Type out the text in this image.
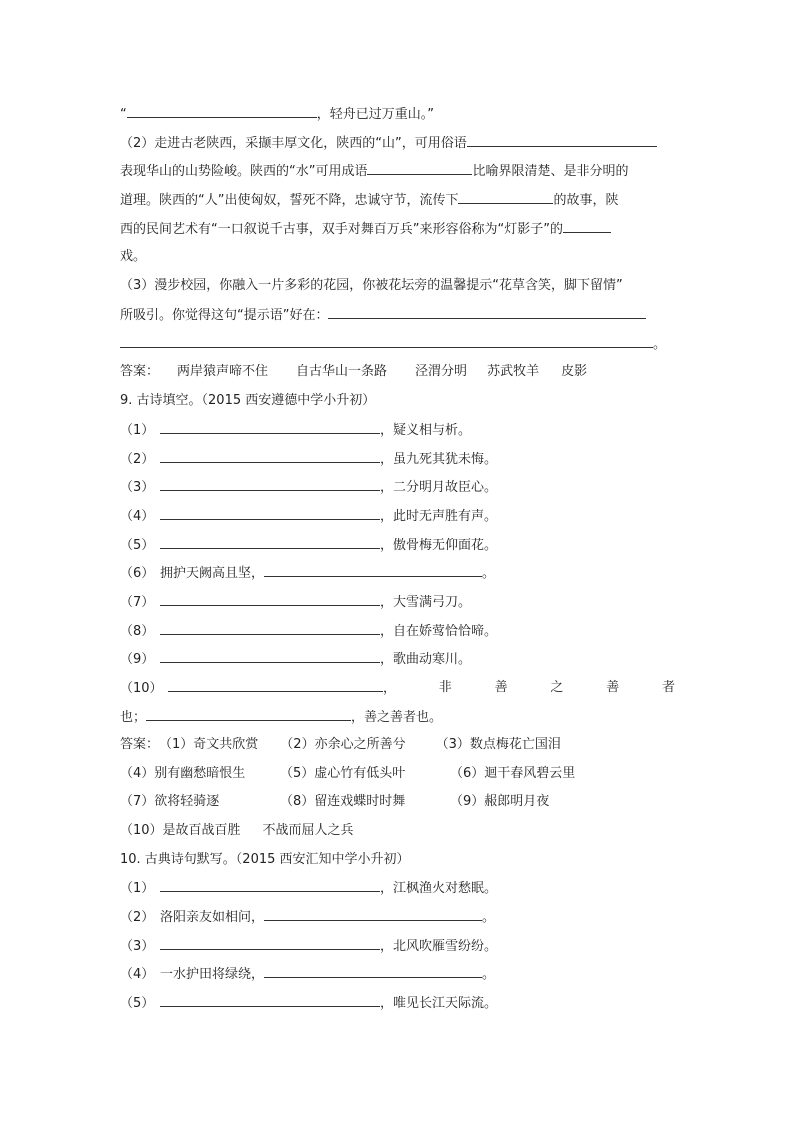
“	，轻舟已过万重山。”
（2）走进古老陕西，采撷丰厚文化，陕西的“山”，可用俗语
表现华山的山势险峻。陕西的“水”可用成语	比喻界限清楚、是非分明的
道理。陕西的“人”出使匈奴，誓死不降，忠诚守节，流传下	的故事，陕
西的民间艺术有“一口叙说千古事，双手对舞百万兵”来形容俗称为“灯影子”的
戏。
（3）漫步校园，你融入一片多彩的花园，你被花坛旁的温馨提示“花草含笑，脚下留情”
所吸引。你觉得这句“提示语”好在：
。
答案： 两岸猿声啼不住 自古华山一条路 泾渭分明 苏武牧羊 皮影
9. 古诗填空。（2015 西安遵德中学小升初）
（1）	，疑义相与析。
（2）	，虽九死其犹未悔。
（3）	，二分明月故臣心。
（4）	，此时无声胜有声。
（5）	，傲骨梅无仰面花。
（6） 拥护天阙高且坚，	。
（7）	，大雪满弓刀。
（8）	，自在娇莺恰恰啼。
（9）	，歌曲动寒川。
（10）	，	非	善	之	善	者
也；	，善之善者也。
答案：（1）奇文共欣赏 （2）亦余心之所善兮 （3）数点梅花亡国泪
（4）别有幽愁暗恨生	（5）虚心竹有低头叶	（6）迴干春风碧云里
（7）欲将轻骑逐	（8）留连戏蝶时时舞	（9）赧郎明月夜
（10）是故百战百胜 不战而屈人之兵
10. 古典诗句默写。（2015 西安汇知中学小升初）
（1）	，江枫渔火对愁眠。
（2） 洛阳亲友如相问，	。
（3）	，北风吹雁雪纷纷。
（4） 一水护田将绿绕，	。
（5）	，唯见长江天际流。
